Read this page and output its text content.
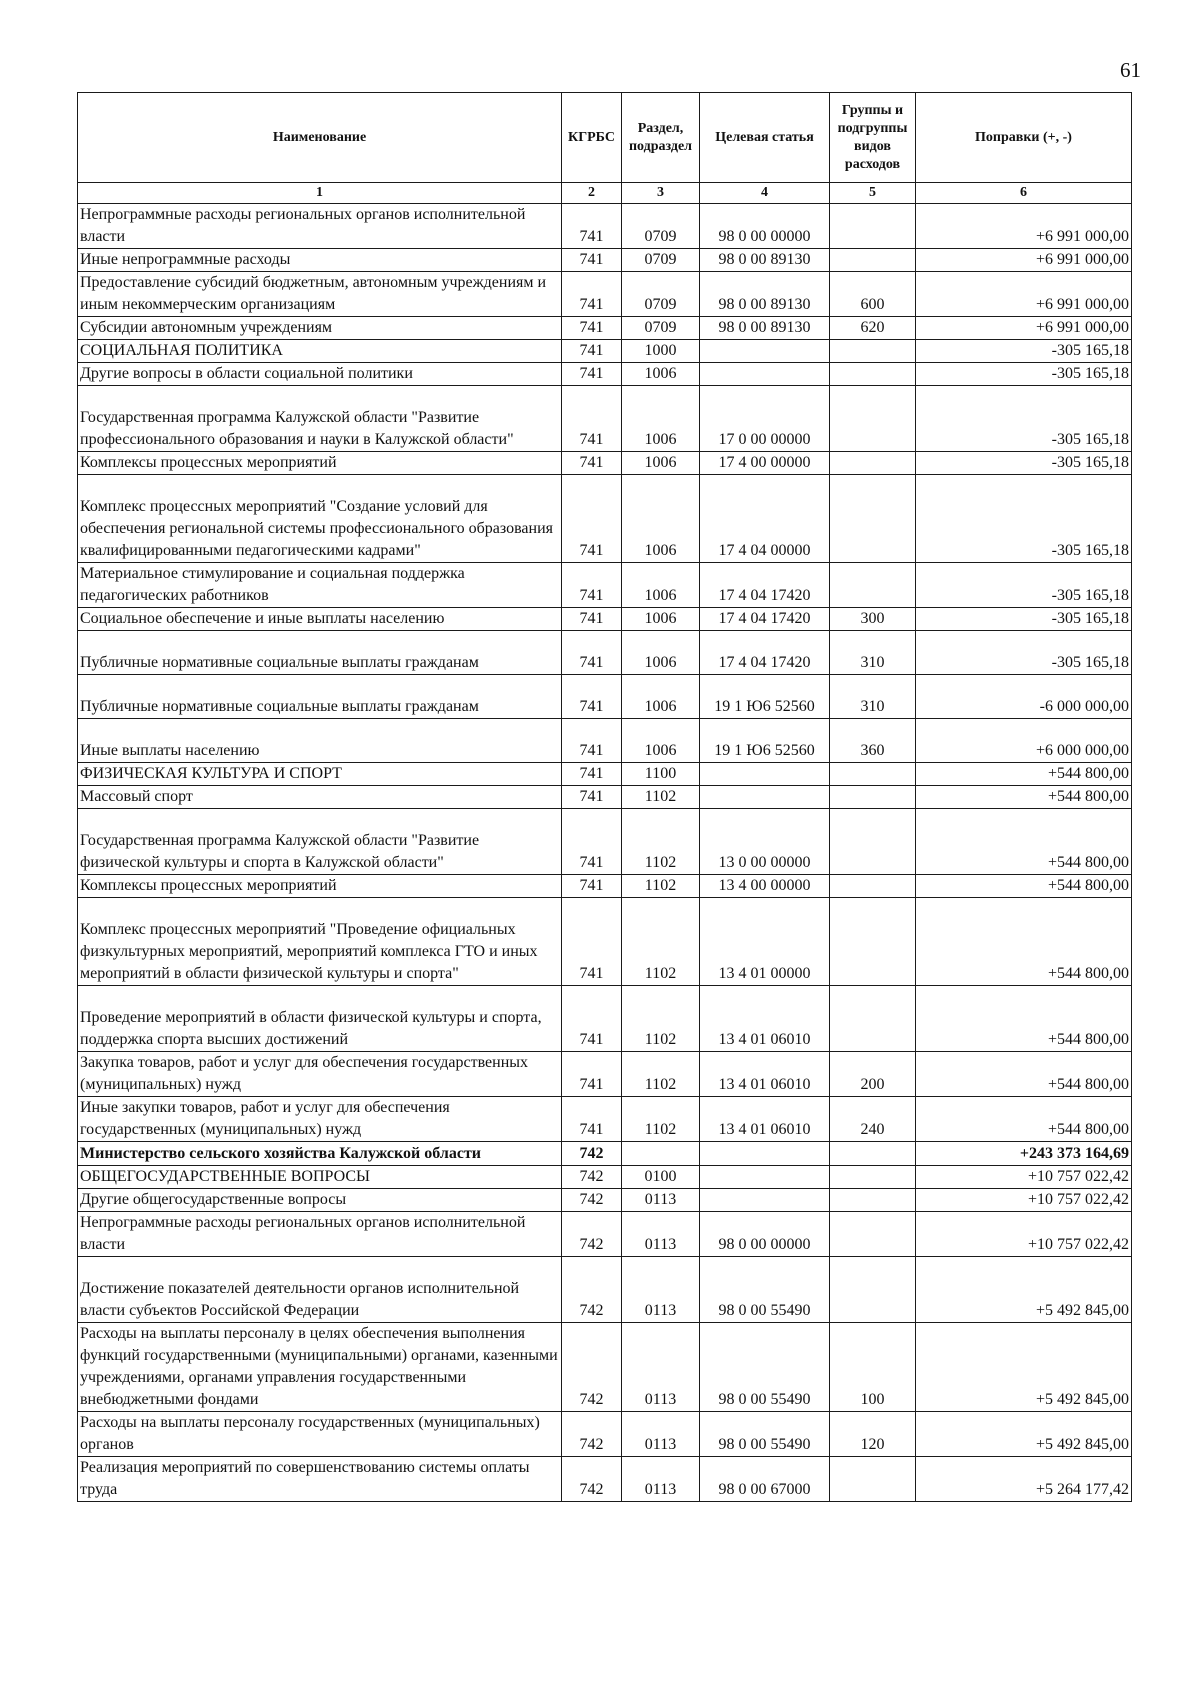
61
Наименование	КГРБС	Раздел, подраздел	Целевая статья	Группы и подгруппы видов расходов	Поправки (+, -)
1	2	3	4	5	6
Непрограммные расходы региональных органов исполнительной власти	741	0709	98 0 00 00000		+6 991 000,00
Иные непрограммные расходы	741	0709	98 0 00 89130		+6 991 000,00
Предоставление субсидий бюджетным, автономным учреждениям и иным некоммерческим организациям	741	0709	98 0 00 89130	600	+6 991 000,00
Субсидии автономным учреждениям	741	0709	98 0 00 89130	620	+6 991 000,00
СОЦИАЛЬНАЯ ПОЛИТИКА	741	1000			-305 165,18
Другие вопросы в области социальной политики	741	1006			-305 165,18
Государственная программа Калужской области "Развитие профессионального образования и науки в Калужской области"	741	1006	17 0 00 00000		-305 165,18
Комплексы процессных мероприятий	741	1006	17 4 00 00000		-305 165,18
Комплекс процессных мероприятий "Создание условий для обеспечения региональной системы профессионального образования квалифицированными педагогическими кадрами"	741	1006	17 4 04 00000		-305 165,18
Материальное стимулирование и социальная поддержка педагогических работников	741	1006	17 4 04 17420		-305 165,18
Социальное обеспечение и иные выплаты населению	741	1006	17 4 04 17420	300	-305 165,18
Публичные нормативные социальные выплаты гражданам	741	1006	17 4 04 17420	310	-305 165,18
Публичные нормативные социальные выплаты гражданам	741	1006	19 1 Ю6 52560	310	-6 000 000,00
Иные выплаты населению	741	1006	19 1 Ю6 52560	360	+6 000 000,00
ФИЗИЧЕСКАЯ КУЛЬТУРА И СПОРТ	741	1100			+544 800,00
Массовый спорт	741	1102			+544 800,00
Государственная программа Калужской области "Развитие физической культуры и спорта в Калужской области"	741	1102	13 0 00 00000		+544 800,00
Комплексы процессных мероприятий	741	1102	13 4 00 00000		+544 800,00
Комплекс процессных мероприятий "Проведение официальных физкультурных мероприятий, мероприятий комплекса ГТО и иных мероприятий в области физической культуры и спорта"	741	1102	13 4 01 00000		+544 800,00
Проведение мероприятий в области физической культуры и спорта, поддержка спорта высших достижений	741	1102	13 4 01 06010		+544 800,00
Закупка товаров, работ и услуг для обеспечения государственных (муниципальных) нужд	741	1102	13 4 01 06010	200	+544 800,00
Иные закупки товаров, работ и услуг для обеспечения государственных (муниципальных) нужд	741	1102	13 4 01 06010	240	+544 800,00
Министерство сельского хозяйства Калужской области	742				+243 373 164,69
ОБЩЕГОСУДАРСТВЕННЫЕ ВОПРОСЫ	742	0100			+10 757 022,42
Другие общегосударственные вопросы	742	0113			+10 757 022,42
Непрограммные расходы региональных органов исполнительной власти	742	0113	98 0 00 00000		+10 757 022,42
Достижение показателей деятельности органов исполнительной власти субъектов Российской Федерации	742	0113	98 0 00 55490		+5 492 845,00
Расходы на выплаты персоналу в целях обеспечения выполнения функций государственными (муниципальными) органами, казенными учреждениями, органами управления государственными внебюджетными фондами	742	0113	98 0 00 55490	100	+5 492 845,00
Расходы на выплаты персоналу государственных (муниципальных) органов	742	0113	98 0 00 55490	120	+5 492 845,00
Реализация мероприятий по совершенствованию системы оплаты труда	742	0113	98 0 00 67000		+5 264 177,42
